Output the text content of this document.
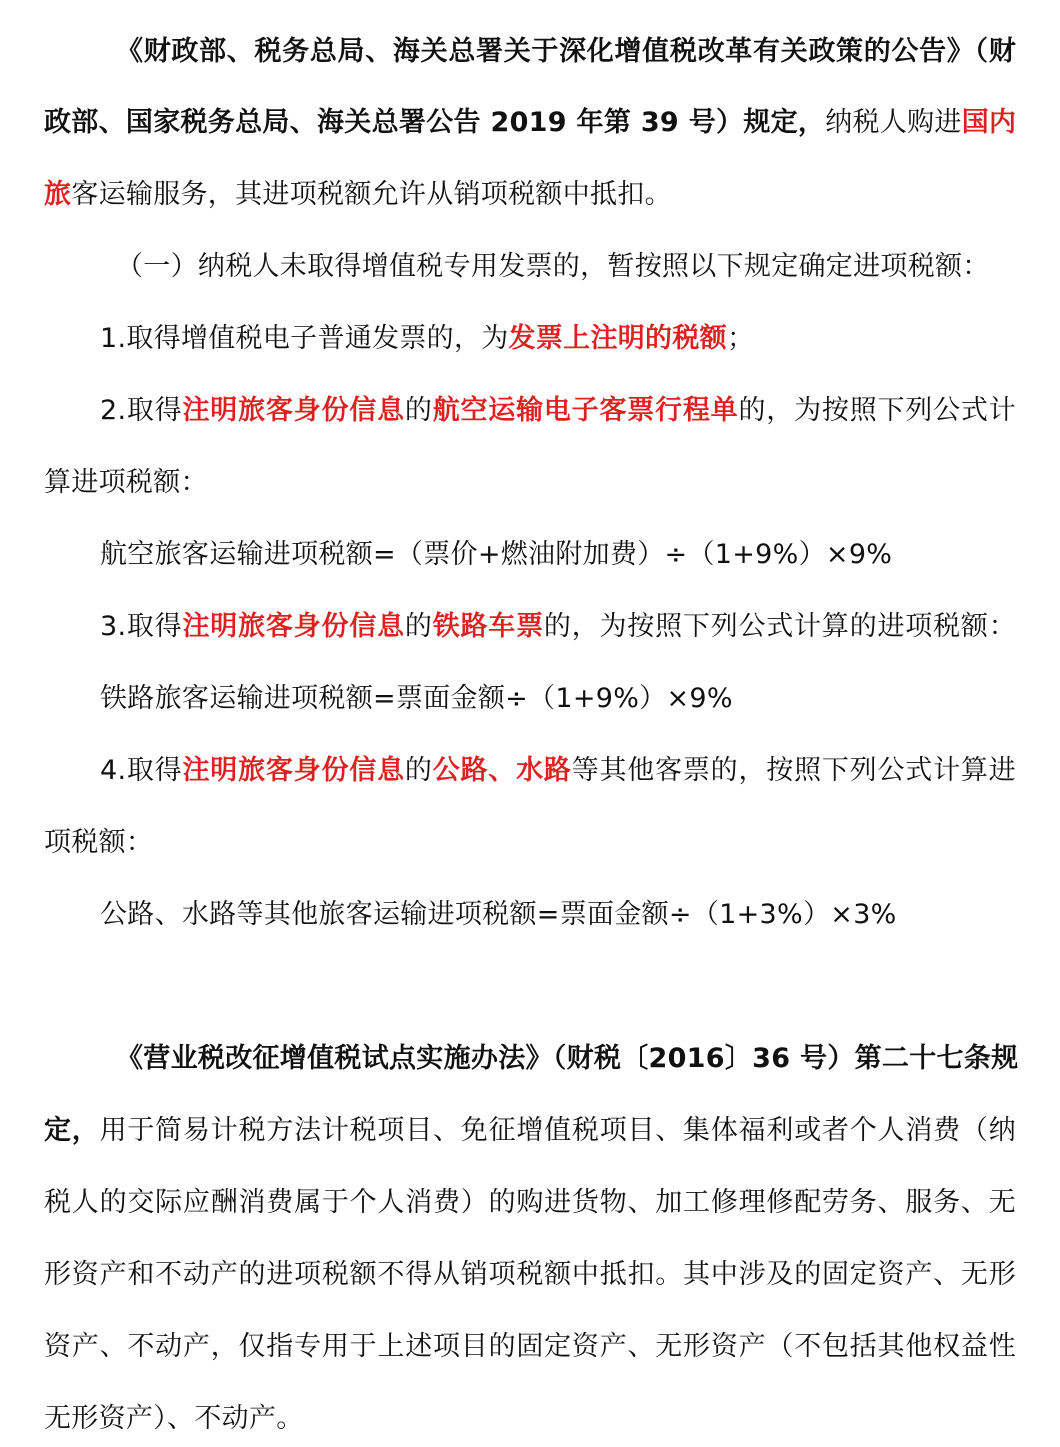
《财政部、税务总局、海关总署关于深化增值税改革有关政策的公告》（财
政部、国家税务总局、海关总署公告 2019 年第 39 号）规定，纳税人购进国内
旅客运输服务，其进项税额允许从销项税额中抵扣。
（一）纳税人未取得增值税专用发票的，暂按照以下规定确定进项税额：
1.取得增值税电子普通发票的，为发票上注明的税额；
2.取得注明旅客身份信息的航空运输电子客票行程单的，为按照下列公式计
算进项税额：
航空旅客运输进项税额=（票价+燃油附加费）÷（1+9%）×9%
3.取得注明旅客身份信息的铁路车票的，为按照下列公式计算的进项税额：
铁路旅客运输进项税额=票面金额÷（1+9%）×9%
4.取得注明旅客身份信息的公路、水路等其他客票的，按照下列公式计算进
项税额：
公路、水路等其他旅客运输进项税额=票面金额÷（1+3%）×3%
《营业税改征增值税试点实施办法》（财税〔2016〕36 号）第二十七条规
定，用于简易计税方法计税项目、免征增值税项目、集体福利或者个人消费（纳
税人的交际应酬消费属于个人消费）的购进货物、加工修理修配劳务、服务、无
形资产和不动产的进项税额不得从销项税额中抵扣。其中涉及的固定资产、无形
资产、不动产，仅指专用于上述项目的固定资产、无形资产（不包括其他权益性
无形资产）、不动产。
